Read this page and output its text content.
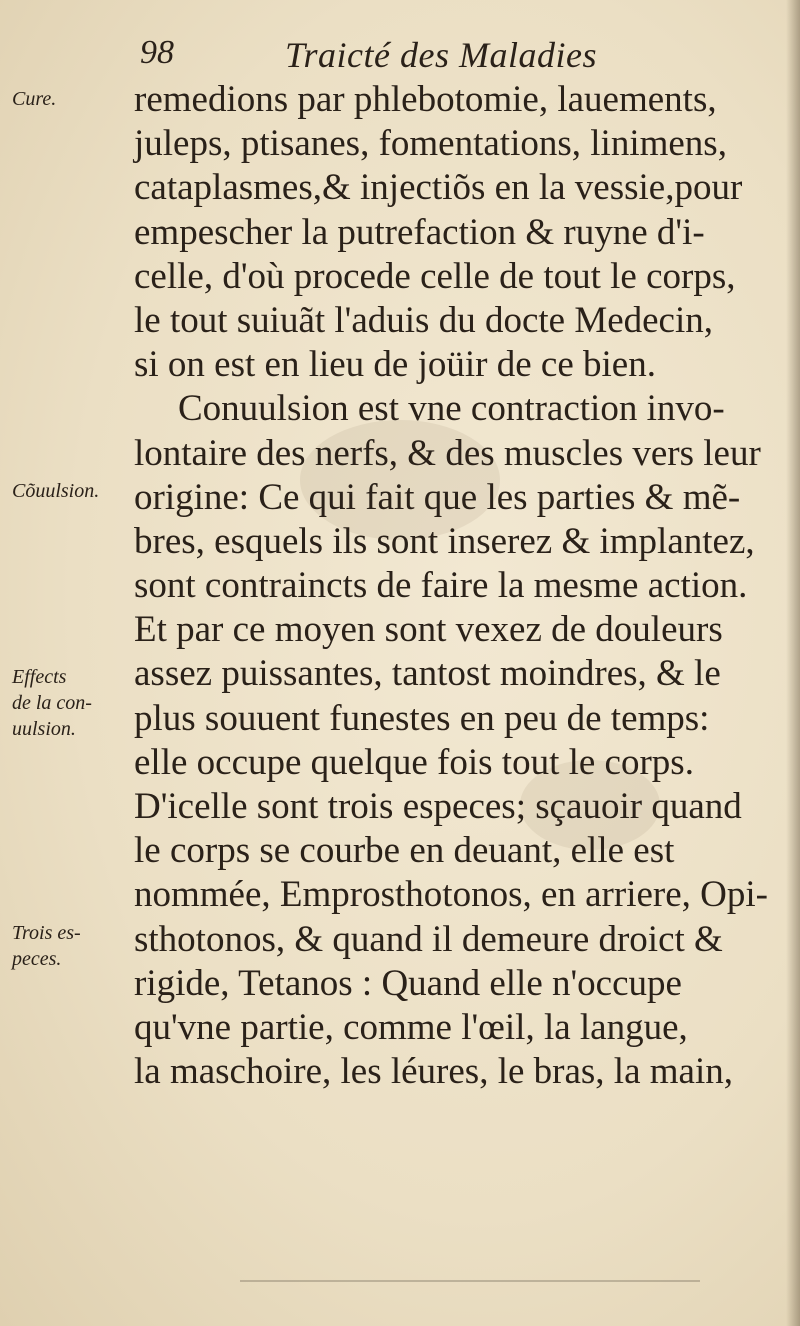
98	Traicté des Maladies
Cure.
Cõuulsion.
Effects
de la con-
uulsion.
Trois es-
peces.
remedions par phlebotomie, lauements,
juleps, ptisanes, fomentations, linimens,
cataplasmes,& injectiõs en la vessie,pour
empescher la putrefaction & ruyne d'i-
celle, d'où procede celle de tout le corps,
le tout suiuãt l'aduis du docte Medecin,
si on est en lieu de joüir de ce bien.
Conuulsion est vne contraction invo-
lontaire des nerfs, & des muscles vers leur
origine: Ce qui fait que les parties & mẽ-
bres, esquels ils sont inserez & implantez,
sont contraincts de faire la mesme action.
Et par ce moyen sont vexez de douleurs
assez puissantes, tantost moindres, & le
plus souuent funestes en peu de temps:
elle occupe quelque fois tout le corps.
D'icelle sont trois especes; sçauoir quand
le corps se courbe en deuant, elle est
nommée, Emprosthotonos, en arriere, Opi-
sthotonos, & quand il demeure droict &
rigide, Tetanos : Quand elle n'occupe
qu'vne partie, comme l'œil, la langue,
la maschoire, les léures, le bras, la main,
